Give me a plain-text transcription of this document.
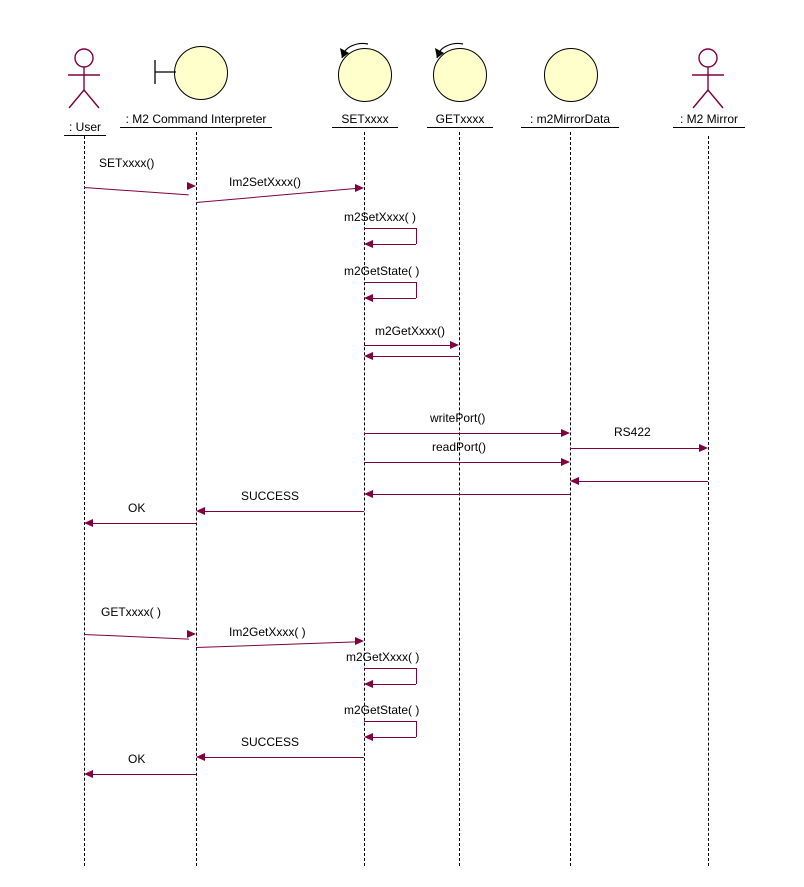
: User
: M2 Command Interpreter	SETxxxx	GETxxxx	: m2MirrorData	: M2 Mirror
SETxxxx()
Im2SetXxxx()
m2SetXxxx( )
m2GetState( )
m2GetXxxx()
writePort()
RS422
readPort()
SUCCESS
OK
GETxxxx( )
Im2GetXxxx( )
m2GetXxxx( )
m2GetState( )
SUCCESS
OK
